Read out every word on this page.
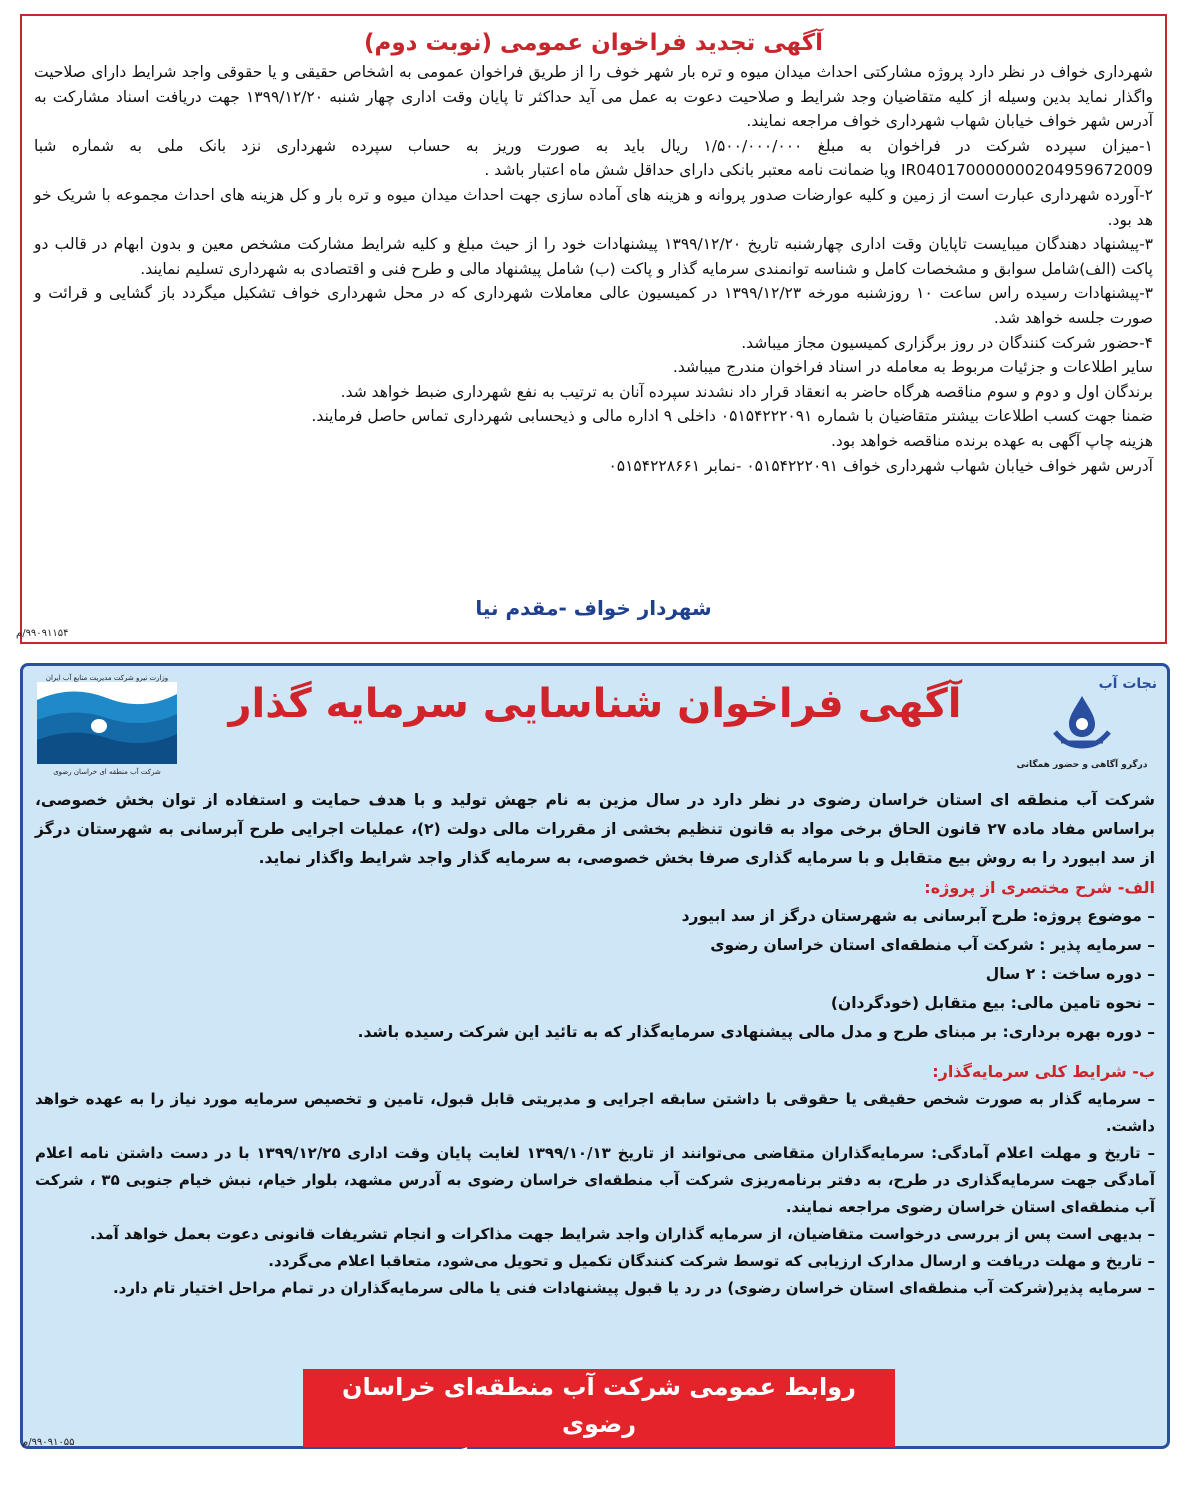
آگهی تجدید فراخوان عمومی (نوبت دوم)

شهرداری خواف در نظر دارد پروژه مشارکتی احداث میدان میوه و تره بار شهر خوف را از طریق فراخوان عمومی به اشخاص حقیقی و یا حقوقی واجد شرایط دارای صلاحیت واگذار نماید بدین وسیله از کلیه متقاضیان وجد شرایط و صلاحیت دعوت به عمل می آید حداکثر تا پایان وقت اداری چهار شنبه ۱۳۹۹/۱۲/۲۰ جهت دریافت اسناد مشارکت به آدرس شهر خواف خیابان شهاب شهرداری خواف مراجعه نمایند.

۱-میزان سپرده شرکت در فراخوان به مبلغ ۱/۵۰۰/۰۰۰/۰۰۰ ریال باید به صورت وریز به حساب سپرده شهرداری نزد بانک ملی به شماره شبا IR040170000000204959672009 ویا ضمانت نامه معتبر بانکی دارای حداقل شش ماه اعتبار باشد .

۲-آورده شهرداری عبارت است از زمین و کلیه عوارضات صدور پروانه و هزینه های آماده سازی جهت احداث میدان میوه و تره بار و کل هزینه های احداث مجموعه با شریک خو هد بود.

۳-پیشنهاد دهندگان میبایست تاپایان وقت اداری چهارشنبه تاریخ ۱۳۹۹/۱۲/۲۰ پیشنهادات خود را از حیث مبلغ و کلیه شرایط مشارکت مشخص معین و بدون ابهام در قالب دو پاکت (الف)شامل سوابق و مشخصات کامل و شناسه توانمندی سرمایه گذار و پاکت (ب) شامل پیشنهاد مالی و طرح فنی و اقتصادی به شهرداری تسلیم نمایند.

۳-پیشنهادات رسیده راس ساعت ۱۰ روزشنبه مورخه ۱۳۹۹/۱۲/۲۳ در کمیسیون عالی معاملات شهرداری که در محل شهرداری خواف تشکیل میگردد باز گشایی و قرائت و صورت جلسه خواهد شد.

۴-حضور شرکت کنندگان در روز برگزاری کمیسیون مجاز میباشد.

سایر اطلاعات و جزئیات مربوط به معامله در اسناد فراخوان مندرج میباشد.

برندگان اول و دوم و سوم مناقصه هرگاه حاضر به انعقاد قرار داد نشدند سپرده آنان به ترتیب به نفع شهرداری ضبط خواهد شد.

ضمنا جهت کسب اطلاعات بیشتر متقاضیان با شماره ۰۵۱۵۴۲۲۲۰۹۱ داخلی ۹ اداره مالی و ذیحسابی شهرداری تماس حاصل فرمایند.

هزینه چاپ آگهی به عهده برنده مناقصه خواهد بود.

آدرس شهر خواف خیابان شهاب شهرداری خواف ۰۵۱۵۴۲۲۲۰۹۱ -نمابر ۰۵۱۵۴۲۲۸۶۶۱

شهردار خواف -مقدم نیا
۹۹۰۹۱۱۵۴/م
نجات آب
درگرو آگاهی و حضور همگانی
آگهی فراخوان شناسایی سرمایه گذار
وزارت نیرو شرکت مدیریت منابع آب ایران
شرکت آب منطقه ای خراسان رضوی

شرکت آب منطقه ای استان خراسان رضوی در نظر دارد در سال مزین به نام جهش تولید و با هدف حمایت و استفاده از توان بخش خصوصی، براساس مفاد ماده ۲۷ قانون الحاق برخی مواد به قانون تنظیم بخشی از مقررات مالی دولت (۲)، عملیات اجرایی طرح آبرسانی به شهرستان درگز از سد ابیورد را به روش بیع متقابل و با سرمایه گذاری صرفا بخش خصوصی، به سرمایه گذار واجد شرایط واگذار نماید.

الف- شرح مختصری از پروژه:

– موضوع پروژه: طرح آبرسانی به شهرستان درگز از سد ابیورد

– سرمایه پذیر : شرکت آب منطقه‌ای استان خراسان رضوی

– دوره ساخت : ۲ سال

– نحوه تامین مالی: بیع متقابل (خودگردان)

– دوره بهره برداری: بر مبنای طرح و مدل مالی پیشنهادی سرمایه‌گذار که به تائید این شرکت رسیده باشد.

ب- شرایط کلی سرمایه‌گذار:

– سرمایه گذار به صورت شخص حقیقی یا حقوقی با داشتن سابقه اجرایی و مدیریتی قابل قبول، تامین و تخصیص سرمایه مورد نیاز را به عهده خواهد داشت.

– تاریخ و مهلت اعلام آمادگی: سرمایه‌گذاران متقاضی می‌توانند از تاریخ ۱۳۹۹/۱۰/۱۳ لغایت پایان وقت اداری ۱۳۹۹/۱۲/۲۵ با در دست داشتن نامه اعلام آمادگی جهت سرمایه‌گذاری در طرح، به دفتر برنامه‌ریزی شرکت آب منطقه‌ای خراسان رضوی به آدرس مشهد، بلوار خیام، نبش خیام جنوبی ۳۵ ، شرکت آب منطقه‌ای استان خراسان رضوی مراجعه نمایند.

– بدیهی است پس از بررسی درخواست متقاضیان، از سرمایه گذاران واجد شرایط جهت مذاکرات و انجام تشریفات قانونی دعوت بعمل خواهد آمد.

– تاریخ و مهلت دریافت و ارسال مدارک ارزیابی که توسط شرکت کنندگان تکمیل و تحویل می‌شود، متعاقبا اعلام می‌گردد.

– سرمایه پذیر(شرکت آب منطقه‌ای استان خراسان رضوی) در رد یا قبول پیشنهادات فنی یا مالی سرمایه‌گذاران در تمام مراحل اختیار تام دارد.

روابط عمومی شرکت آب منطقه‌ای خراسان رضوی
سامانه پیامکی ۳۰۰۰۶۳۹۴ و تلفن گویا ۳۱۴۳۵
۹۹۰۹۱۰۵۵/م
